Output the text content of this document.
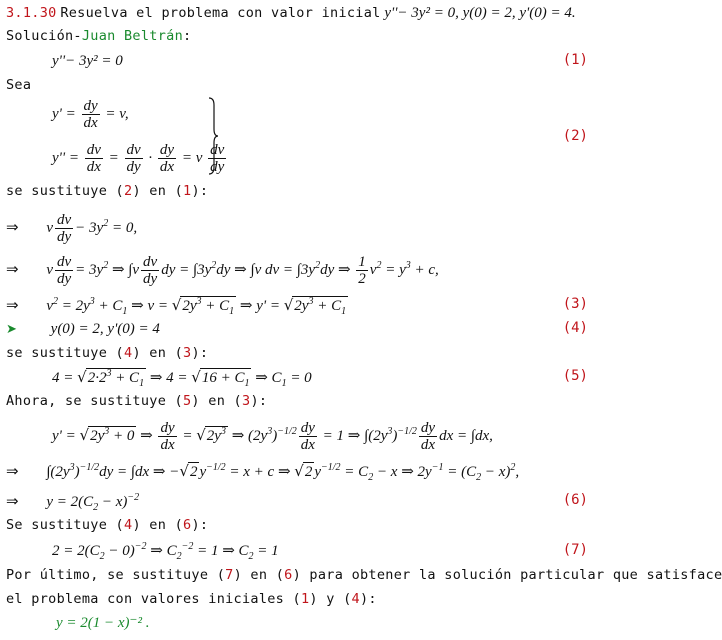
3.1.30 Resuelva el problema con valor inicial y''− 3y² = 0, y(0) = 2, y'(0) = 4.
Solución-Juan Beltrán:
y''− 3y² = 0	(1)
Sea
$y' = \frac{dy}{dx} = v$,
$y'' = \frac{dv}{dx} = \frac{dv}{dy} \cdot \frac{dy}{dx} = v \frac{dv}{dy}$
(2)
se sustituye (2) en (1):
⇒ v $\frac{dv}{dy} - 3y^2 = 0$,
⇒ v $\frac{dv}{dy} = 3y^2$ ⇒ $\int v \frac{dv}{dy}$ dy = $\int 3y^2dy$ ⇒ ∫v dv = $\int 3y^2dy$ ⇒ $\frac{1}{2} v^2 = y^3 + c$,
⇒ $v^2 = 2y^3 + C_1$ ⇒ $v = √2y^3 + C_1$ ⇒ $y' = √2y^3 + C_1$	(3)
➤ y(0) = 2, y'(0) = 4	(4)
se sustituye (4) en (3):
$4 = √2\cdot 2^3 + C_1$ ⇒ $4 = √16 + C_1$ ⇒ $C_1 = 0$	(5)
Ahora, se sustituye (5) en (3):
$y' = √2y^3 + 0$ ⇒ $\frac{dy}{dx} = √2y^3$ ⇒ $(2y^3)^{-1/2} \frac{dy}{dx} = 1$ ⇒ $\int(2y^3)^{-1/2} \frac{dy}{dx}$ dx = ∫dx,
⇒ $\int(2y^3)^{-1/2}dy = \int dx$ ⇒ −√2 $y^{-1/2} = x + c$ ⇒ √2 $y^{-1/2} = C_2 - x$ ⇒ $2y^{-1} = (C_2 - x)^2$,
⇒ $y = 2(C_2 - x)^{-2}$	(6)
Se sustituye (4) en (6):
$2 = 2(C_2 - 0)^{-2}$ ⇒ $C_2^{-2} = 1$ ⇒ $C_2 = 1$	(7)
Por último, se sustituye (7) en (6) para obtener la solución particular que satisface
el problema con valores iniciales (1) y (4):
y = 2(1 − x)⁻² .
